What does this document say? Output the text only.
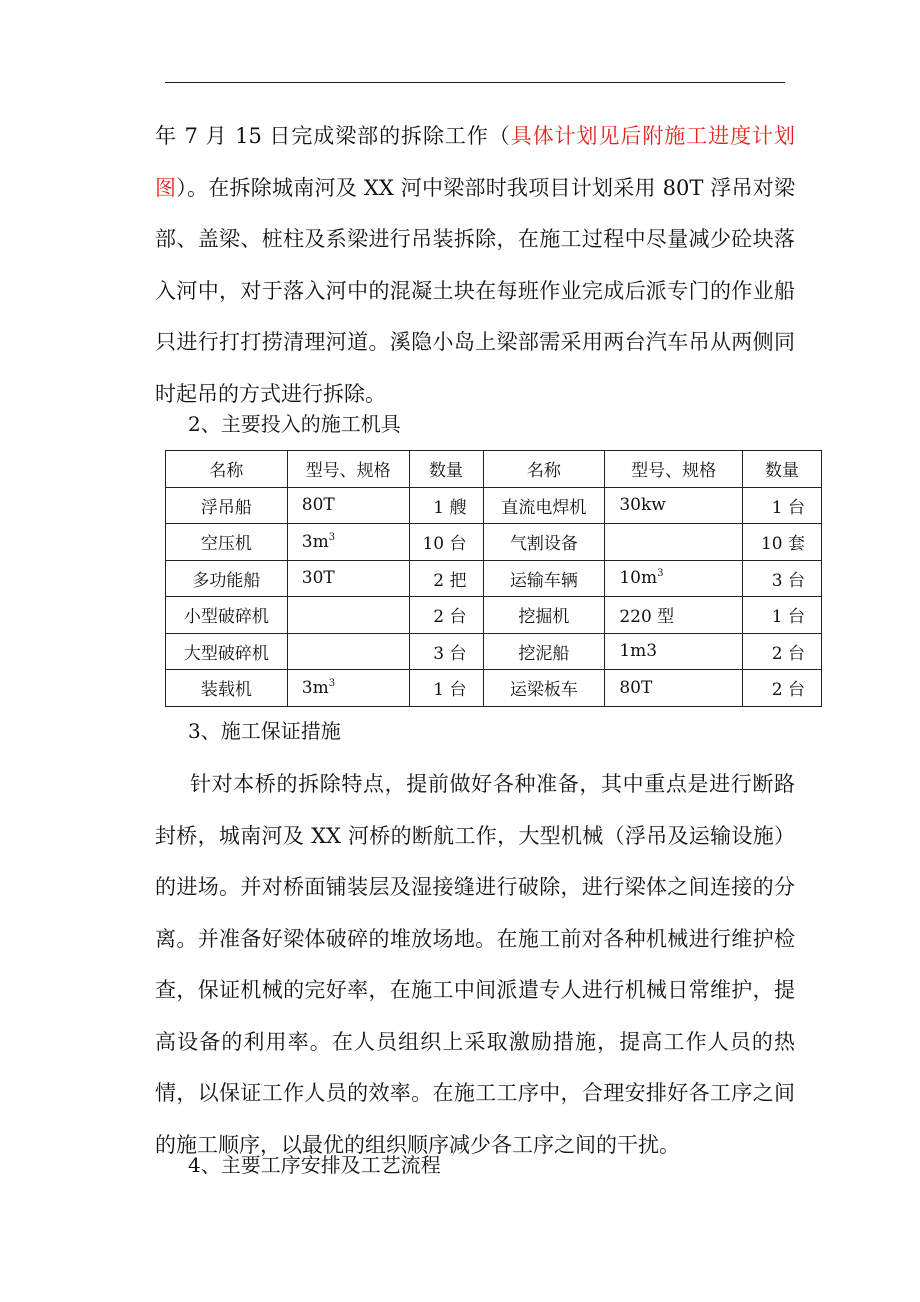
年 7 月 15 日完成梁部的拆除工作（具体计划见后附施工进度计划图）。在拆除城南河及 XX 河中梁部时我项目计划采用 80T 浮吊对梁部、盖梁、桩柱及系梁进行吊装拆除，在施工过程中尽量减少砼块落入河中，对于落入河中的混凝土块在每班作业完成后派专门的作业船只进行打打捞清理河道。溪隐小岛上梁部需采用两台汽车吊从两侧同时起吊的方式进行拆除。

2、主要投入的施工机具

名称	型号、规格	数量	名称	型号、规格	数量
浮吊船	80T	1 艘	直流电焊机	30kw	1 台
空压机	$3m^3$	10 台	气割设备		10 套
多功能船	30T	2 把	运输车辆	$10m^3$	3 台
小型破碎机		2 台	挖掘机	220 型	1 台
大型破碎机		3 台	挖泥船	1m3	2 台
装载机	$3m^3$	1 台	运梁板车	80T	2 台

3、施工保证措施

针对本桥的拆除特点，提前做好各种准备，其中重点是进行断路封桥，城南河及 XX 河桥的断航工作，大型机械（浮吊及运输设施）的进场。并对桥面铺装层及湿接缝进行破除，进行梁体之间连接的分离。并准备好梁体破碎的堆放场地。在施工前对各种机械进行维护检查，保证机械的完好率，在施工中间派遣专人进行机械日常维护，提高设备的利用率。在人员组织上采取激励措施，提高工作人员的热情，以保证工作人员的效率。在施工工序中，合理安排好各工序之间的施工顺序，以最优的组织顺序减少各工序之间的干扰。

4、主要工序安排及工艺流程
